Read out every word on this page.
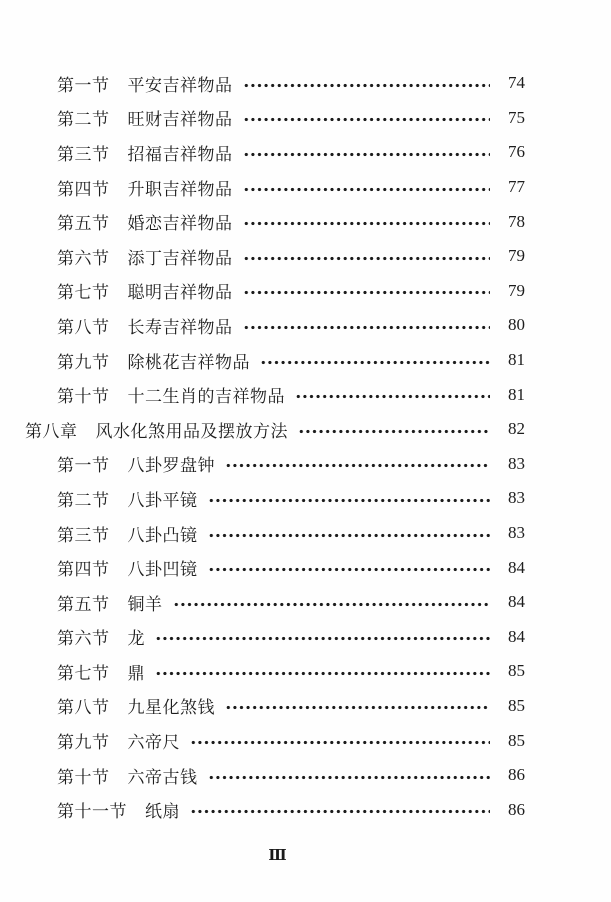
第一节 平安吉祥物品	74
第二节 旺财吉祥物品	75
第三节 招福吉祥物品	76
第四节 升职吉祥物品	77
第五节 婚恋吉祥物品	78
第六节 添丁吉祥物品	79
第七节 聪明吉祥物品	79
第八节 长寿吉祥物品	80
第九节 除桃花吉祥物品	81
第十节 十二生肖的吉祥物品	81
第八章 风水化煞用品及摆放方法	82
第一节 八卦罗盘钟	83
第二节 八卦平镜	83
第三节 八卦凸镜	83
第四节 八卦凹镜	84
第五节 铜羊	84
第六节 龙	84
第七节 鼎	85
第八节 九星化煞钱	85
第九节 六帝尺	85
第十节 六帝古钱	86
第十一节 纸扇	86
Ⅲ
